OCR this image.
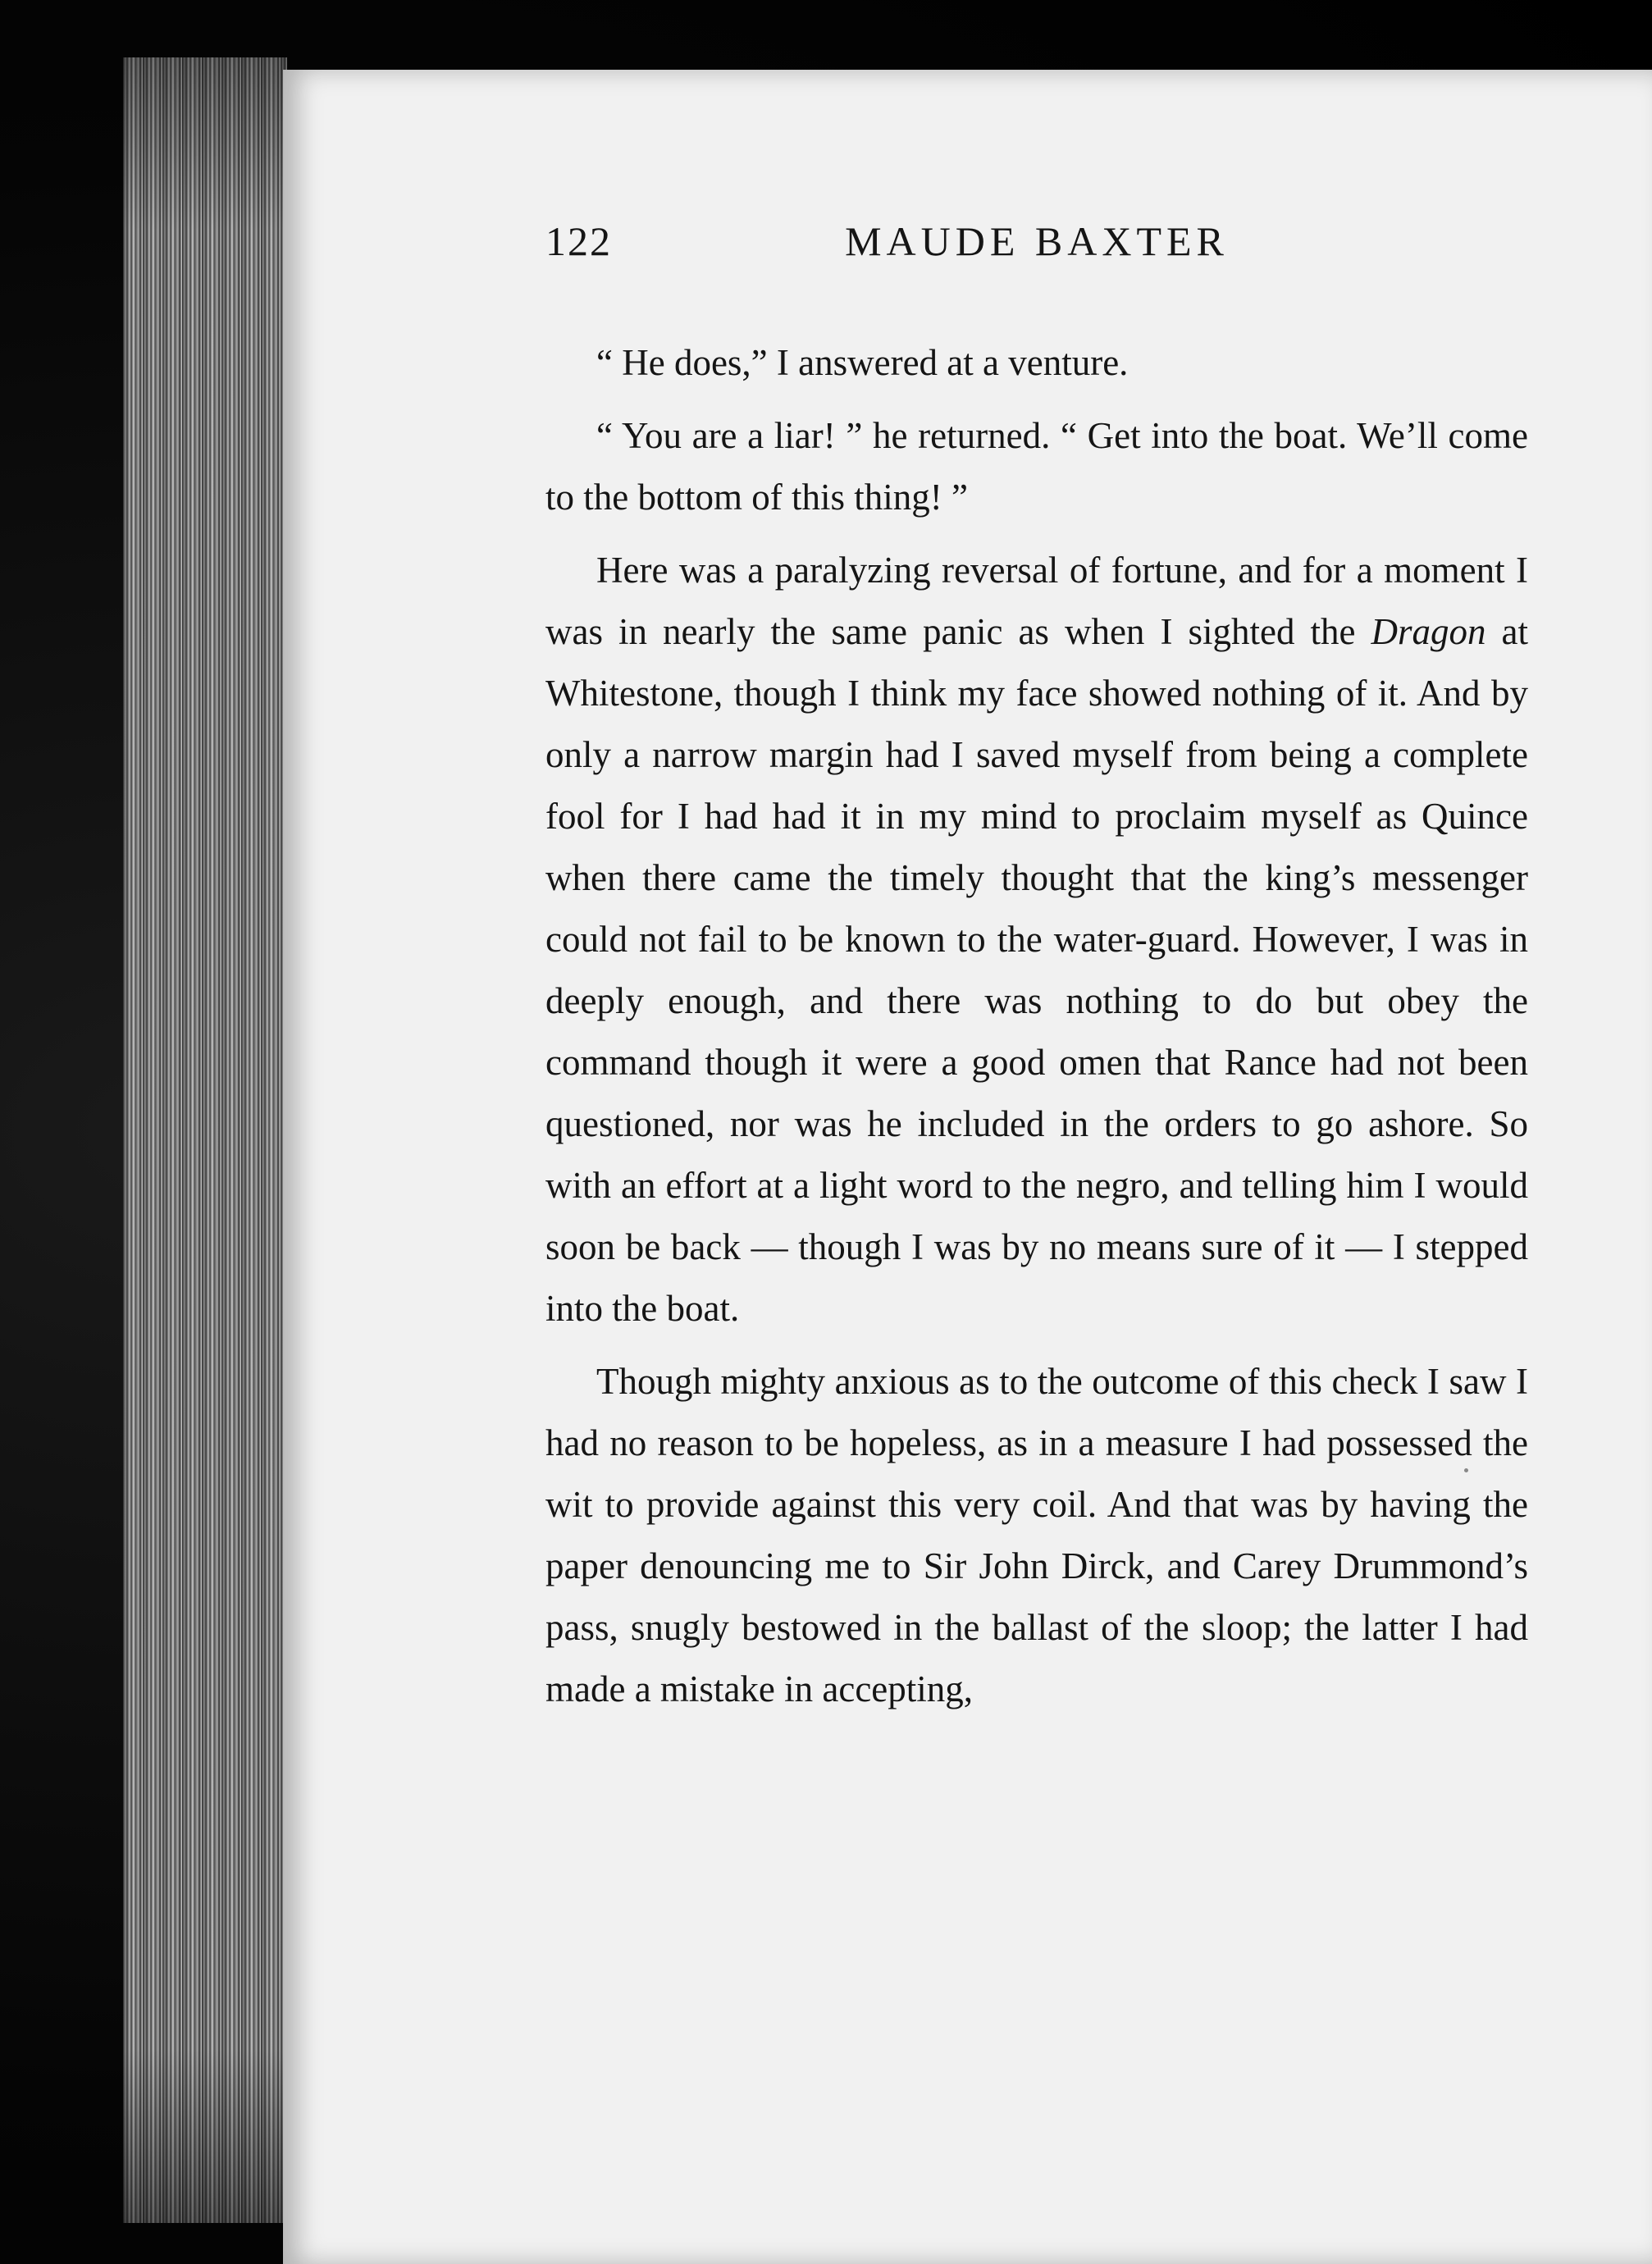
122	MAUDE BAXTER

“ He does,” I answered at a venture.

“ You are a liar! ” he returned. “ Get into the boat. We’ll come to the bottom of this thing! ”

Here was a paralyzing reversal of fortune, and for a moment I was in nearly the same panic as when I sighted the Dragon at Whitestone, though I think my face showed nothing of it. And by only a narrow margin had I saved myself from being a complete fool for I had had it in my mind to proclaim myself as Quince when there came the timely thought that the king’s messenger could not fail to be known to the water-guard. However, I was in deeply enough, and there was nothing to do but obey the command though it were a good omen that Rance had not been questioned, nor was he included in the orders to go ashore. So with an effort at a light word to the negro, and telling him I would soon be back — though I was by no means sure of it — I stepped into the boat.

Though mighty anxious as to the outcome of this check I saw I had no reason to be hopeless, as in a measure I had possessed the wit to provide against this very coil. And that was by having the paper denouncing me to Sir John Dirck, and Carey Drummond’s pass, snugly bestowed in the ballast of the sloop; the latter I had made a mistake in accepting,
